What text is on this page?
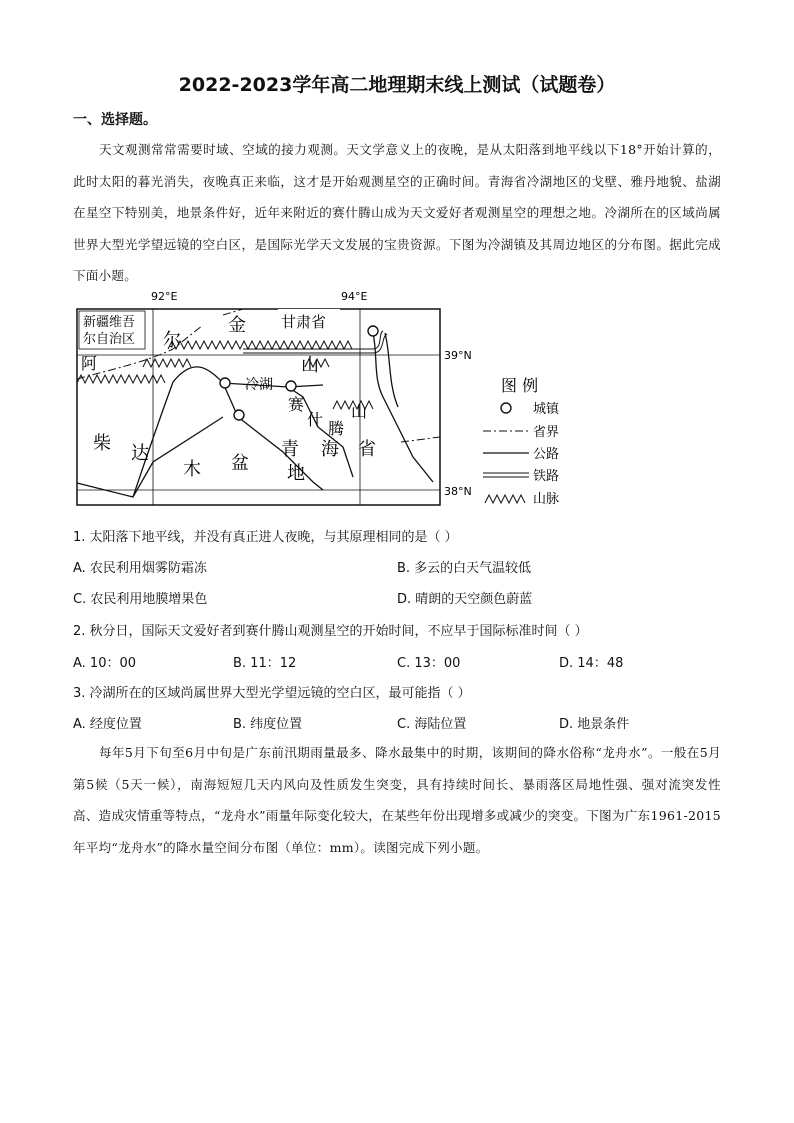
2022-2023学年高二地理期末线上测试（试题卷）
一、选择题。
天文观测常常需要时域、空域的接力观测。天文学意义上的夜晚，是从太阳落到地平线以下18°开始计算的，此时太阳的暮光消失，夜晚真正来临，这才是开始观测星空的正确时间。青海省冷湖地区的戈壁、雅丹地貌、盐湖在星空下特别美，地景条件好，近年来附近的赛什腾山成为天文爱好者观测星空的理想之地。冷湖所在的区域尚属世界大型光学望远镜的空白区，是国际光学天文发展的宝贵资源。下图为冷湖镇及其周边地区的分布图。据此完成下面小题。
92°E	94°E
39°N
38°N
新疆维吾
尔自治区
甘肃省
阿
尔
金
山
冷湖
赛
什 腾
山
柴 达
木 盆
青
地
海 省
图 例
城镇
省界
公路
铁路
山脉
1. 太阳落下地平线，并没有真正进人夜晚，与其原理相同的是（ ）
A. 农民利用烟雾防霜冻	B. 多云的白天气温较低
C. 农民利用地膜增果色	D. 晴朗的天空颜色蔚蓝
2. 秋分日，国际天文爱好者到赛什腾山观测星空的开始时间，不应早于国际标准时间（ ）
A. 10：00	B. 11：12	C. 13：00	D. 14：48
3. 冷湖所在的区域尚属世界大型光学望远镜的空白区，最可能指（ ）
A. 经度位置	B. 纬度位置	C. 海陆位置	D. 地景条件
每年5月下旬至6月中旬是广东前汛期雨量最多、降水最集中的时期，该期间的降水俗称“龙舟水”。一般在5月第5候（5天一候），南海短短几天内风向及性质发生突变，具有持续时间长、暴雨落区局地性强、强对流突发性高、造成灾情重等特点，“龙舟水”雨量年际变化较大，在某些年份出现增多或减少的突变。下图为广东1961-2015年平均“龙舟水”的降水量空间分布图（单位：mm）。读图完成下列小题。
